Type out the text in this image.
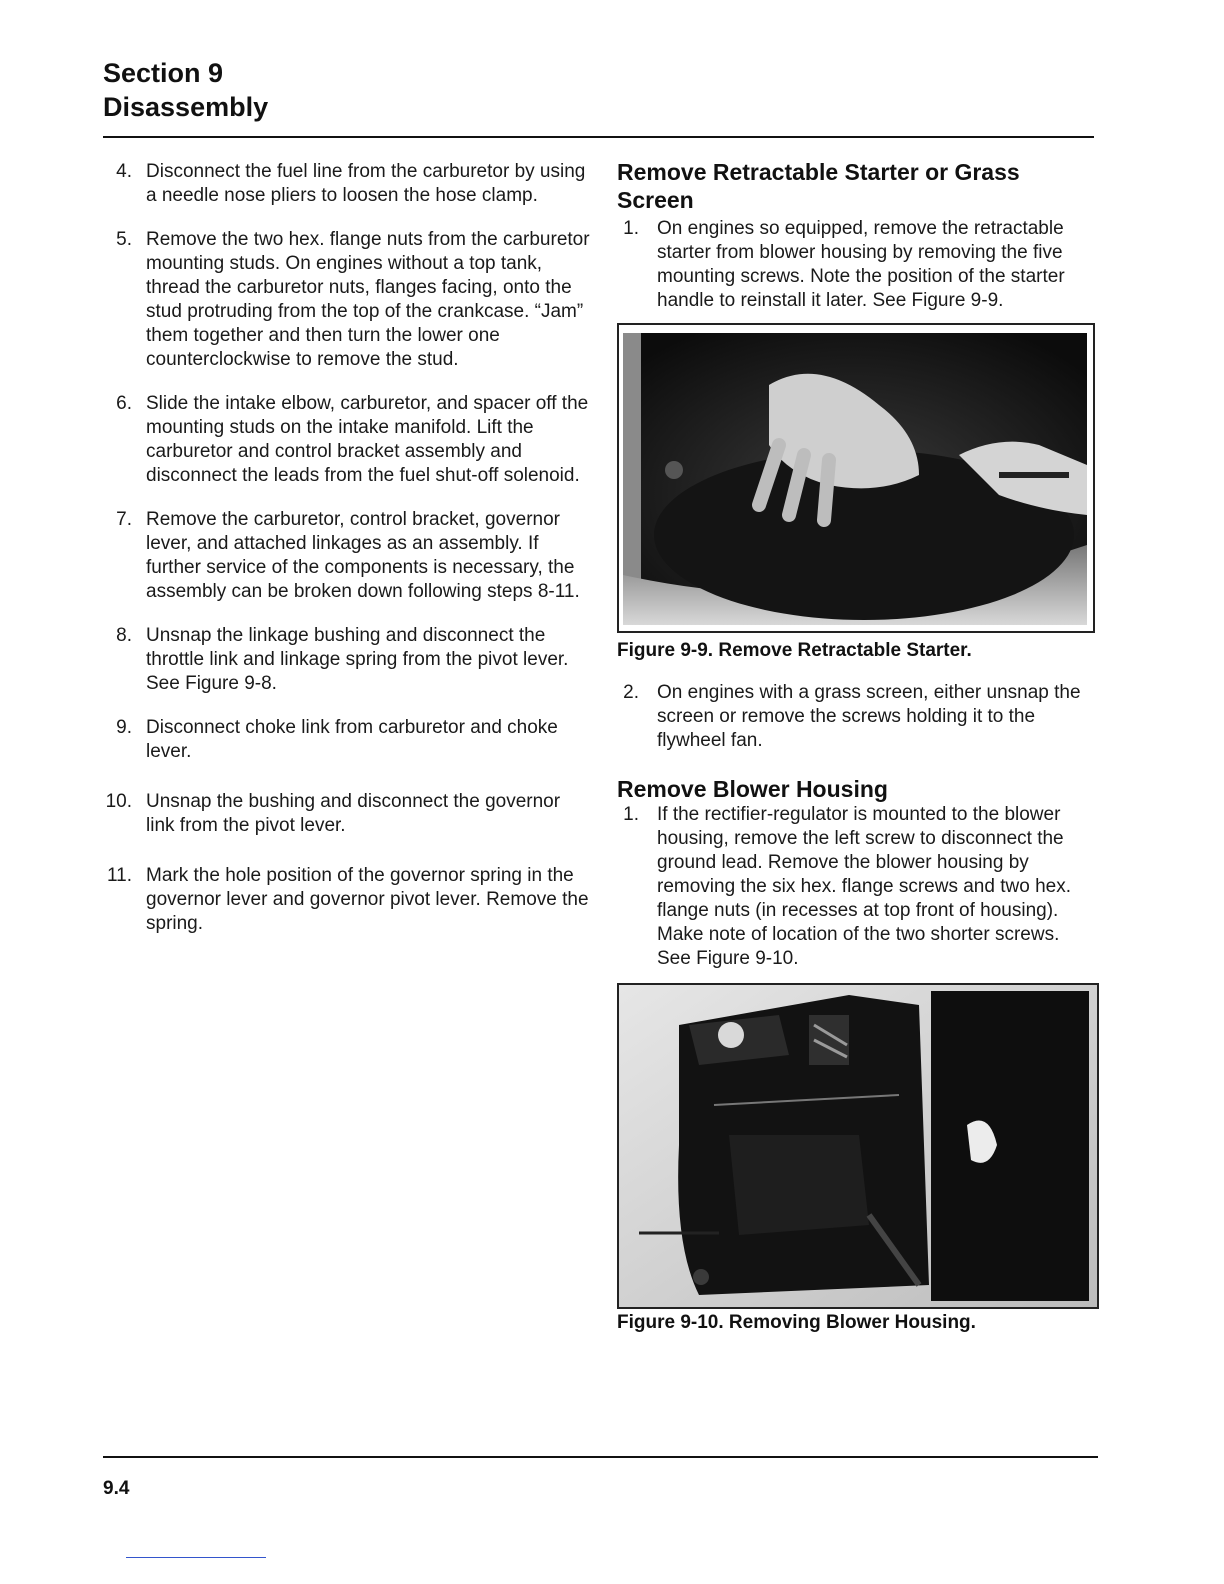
Section 9
Disassembly
4. Disconnect the fuel line from the carburetor by using a needle nose pliers to loosen the hose clamp.
5. Remove the two hex. flange nuts from the carburetor mounting studs. On engines without a top tank, thread the carburetor nuts, flanges facing, onto the stud protruding from the top of the crankcase. “Jam” them together and then turn the lower one counterclockwise to remove the stud.
6. Slide the intake elbow, carburetor, and spacer off the mounting studs on the intake manifold. Lift the carburetor and control bracket assembly and disconnect the leads from the fuel shut-off solenoid.
7. Remove the carburetor, control bracket, governor lever, and attached linkages as an assembly. If further service of the components is necessary, the assembly can be broken down following steps 8-11.
8. Unsnap the linkage bushing and disconnect the throttle link and linkage spring from the pivot lever. See Figure 9-8.
9. Disconnect choke link from carburetor and choke lever.
10. Unsnap the bushing and disconnect the governor link from the pivot lever.
11. Mark the hole position of the governor spring in the governor lever and governor pivot lever. Remove the spring.
Remove Retractable Starter or Grass Screen
1. On engines so equipped, remove the retractable starter from blower housing by removing the five mounting screws. Note the position of the starter handle to reinstall it later. See Figure 9-9.
Figure 9-9. Remove Retractable Starter.
2. On engines with a grass screen, either unsnap the screen or remove the screws holding it to the flywheel fan.
Remove Blower Housing
1. If the rectifier-regulator is mounted to the blower housing, remove the left screw to disconnect the ground lead. Remove the blower housing by removing the six hex. flange screws and two hex. flange nuts (in recesses at top front of housing). Make note of location of the two shorter screws. See Figure 9-10.
Figure 9-10. Removing Blower Housing.
9.4
